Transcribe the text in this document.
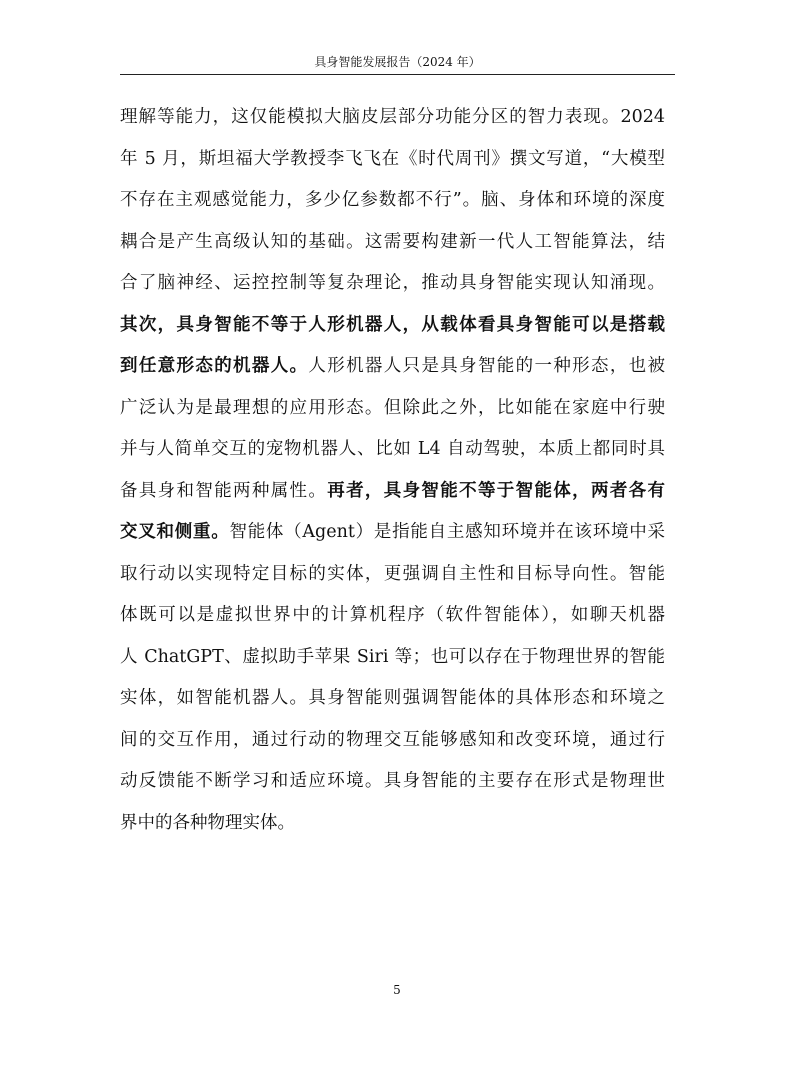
具身智能发展报告（2024 年）
理解等能力，这仅能模拟大脑皮层部分功能分区的智力表现。2024
年 5 月，斯坦福大学教授李飞飞在《时代周刊》撰文写道，“大模型
不存在主观感觉能力，多少亿参数都不行”。脑、身体和环境的深度
耦合是产生高级认知的基础。这需要构建新一代人工智能算法，结
合了脑神经、运控控制等复杂理论，推动具身智能实现认知涌现。
其次，具身智能不等于人形机器人，从载体看具身智能可以是搭载
到任意形态的机器人。人形机器人只是具身智能的一种形态，也被
广泛认为是最理想的应用形态。但除此之外，比如能在家庭中行驶
并与人简单交互的宠物机器人、比如 L4 自动驾驶，本质上都同时具
备具身和智能两种属性。再者，具身智能不等于智能体，两者各有
交叉和侧重。智能体（Agent）是指能自主感知环境并在该环境中采
取行动以实现特定目标的实体，更强调自主性和目标导向性。智能
体既可以是虚拟世界中的计算机程序（软件智能体），如聊天机器
人 ChatGPT、虚拟助手苹果 Siri 等；也可以存在于物理世界的智能
实体，如智能机器人。具身智能则强调智能体的具体形态和环境之
间的交互作用，通过行动的物理交互能够感知和改变环境，通过行
动反馈能不断学习和适应环境。具身智能的主要存在形式是物理世
界中的各种物理实体。
5
